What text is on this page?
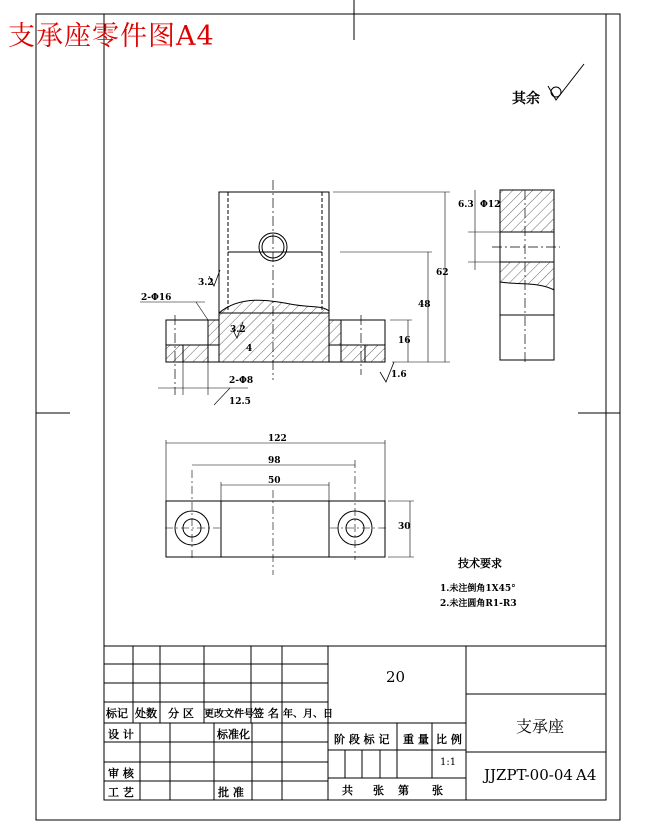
支承座零件图A4
其余
2-Φ16
2-Φ8
3.2
3.2
12.5
1.6
4
62
48
16
6.3 Φ12
122
98
50
30
技术要求
1.未注倒角1X45°
2.未注圆角R1-R3
20
支承座
JJZPT-00-04 A4
1:1
标记 处数 分 区 更改文件号 签 名 年、月、日
设 计	标准化
审 核
工 艺	批 准
阶 段 标 记 重 量 比 例
共 张 第 张
